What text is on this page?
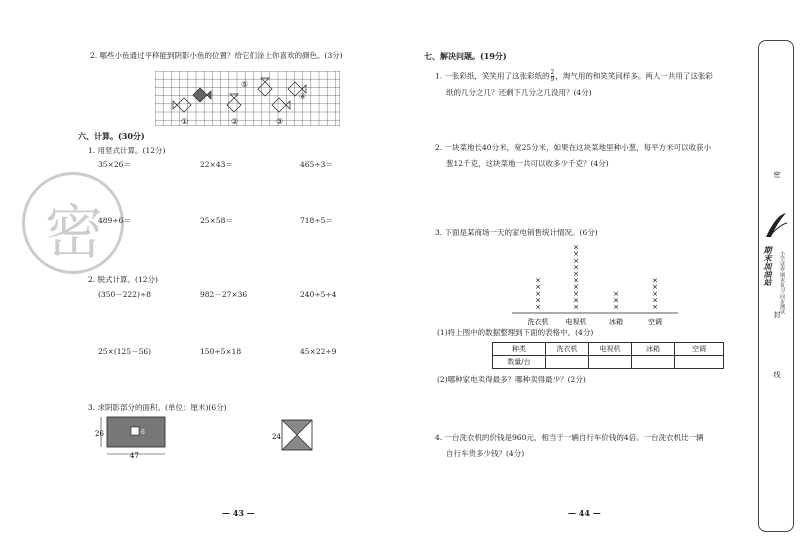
密
2. 哪些小鱼通过平移能到阴影小鱼的位置？给它们涂上你喜欢的颜色。(3分)
①	②	③
④
⑤
六、计算。(30分)
1. 用竖式计算。(12分)
35×26＝	22×43＝	465÷3＝
489÷6＝	25×58＝	718÷5＝
2. 脱式计算。(12分)
(350－222)÷8	982－27×36	240÷5÷4
25×(125－56)	150÷5×18	45×22÷9
3. 求阴影部分的面积。(单位：厘米)(6分)
26
47
6
24
— 43 —
七、解决问题。(19分)
1. 一张彩纸，笑笑用了这张彩纸的 $\frac{2}{9}$ ，淘气用的和笑笑同样多。两人一共用了这张彩
纸的几分之几？还剩下几分之几没用？(4分)
2. 一块菜地长40分米，宽25分米，如果在这块菜地里种小葱，每平方米可以收获小
葱12千克，这块菜地一共可以收多少千克？(4分)
3. 下面是某商场一天的家电销售统计情况。(6分)
×
×
×
×
×
洗衣机
×
×
×
×
×
×
×
×
×
×
电视机
×
×
×
冰箱
×
×
×
×
×
空调
(1)将上图中的数据整理到下面的表格中。(4分)
种类	洗衣机	电视机	冰箱	空调
数量/台				
(2)哪种家电卖得最多？哪种卖得最少？(2分)
4. 一台洗衣机的价钱是960元，相当于一辆自行车价钱的4倍。一台洗衣机比一辆
自行车贵多少钱？(4分)
— 44 —
密
期末加油站 小学试卷·期末复习·同步测试
封
线
